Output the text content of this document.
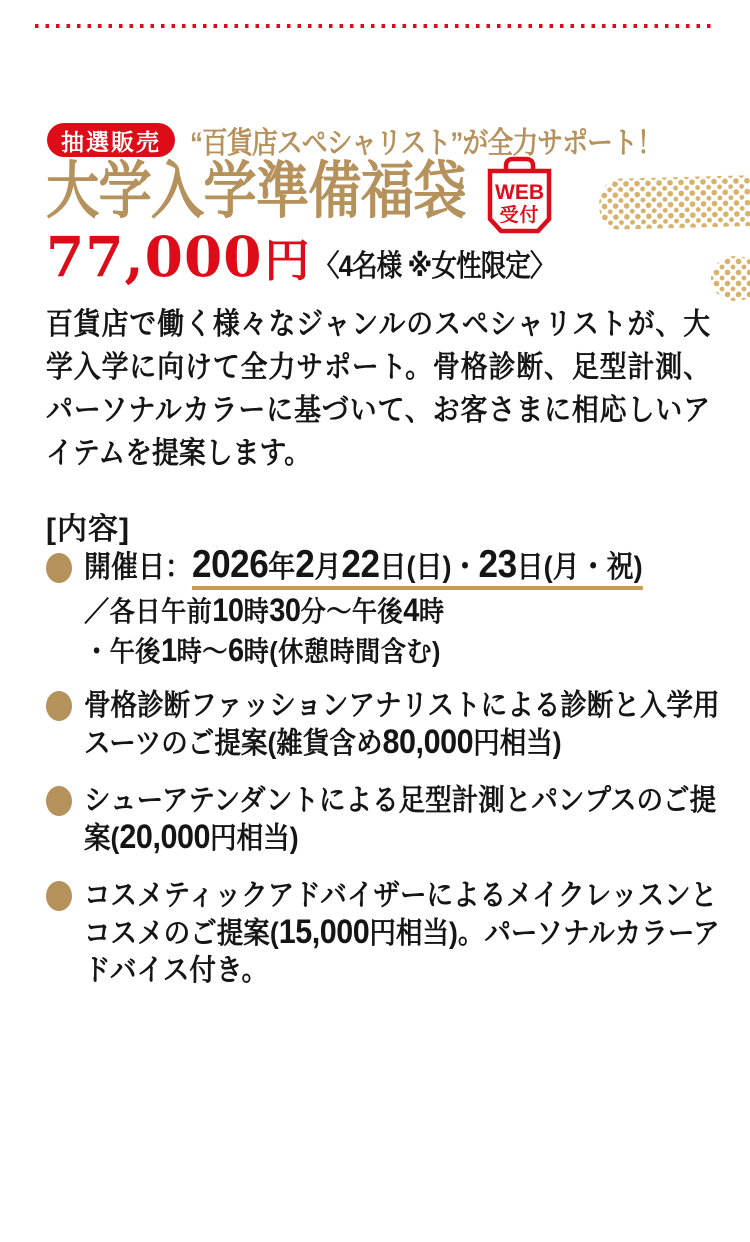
抽選販売 “百貨店スペシャリスト”が全力サポート！
大学入学準備福袋 WEB
受付
77,000 円 〈4名様 ※女性限定〉

百貨店で働く様々なジャンルのスペシャリストが、大学入学に向けて全力サポート。骨格診断、足型計測、パーソナルカラーに基づいて、お客さまに相応しいアイテムを提案します。

[内容]
開催日：2026年2月22日(日)・23日(月・祝)
／各日午前10時30分～午後4時
・午後1時～6時(休憩時間含む)
骨格診断ファッションアナリストによる診断と入学用スーツのご提案(雑貨含め80,000円相当)
シューアテンダントによる足型計測とパンプスのご提案(20,000円相当)
コスメティックアドバイザーによるメイクレッスンとコスメのご提案(15,000円相当)。パーソナルカラーアドバイス付き。
